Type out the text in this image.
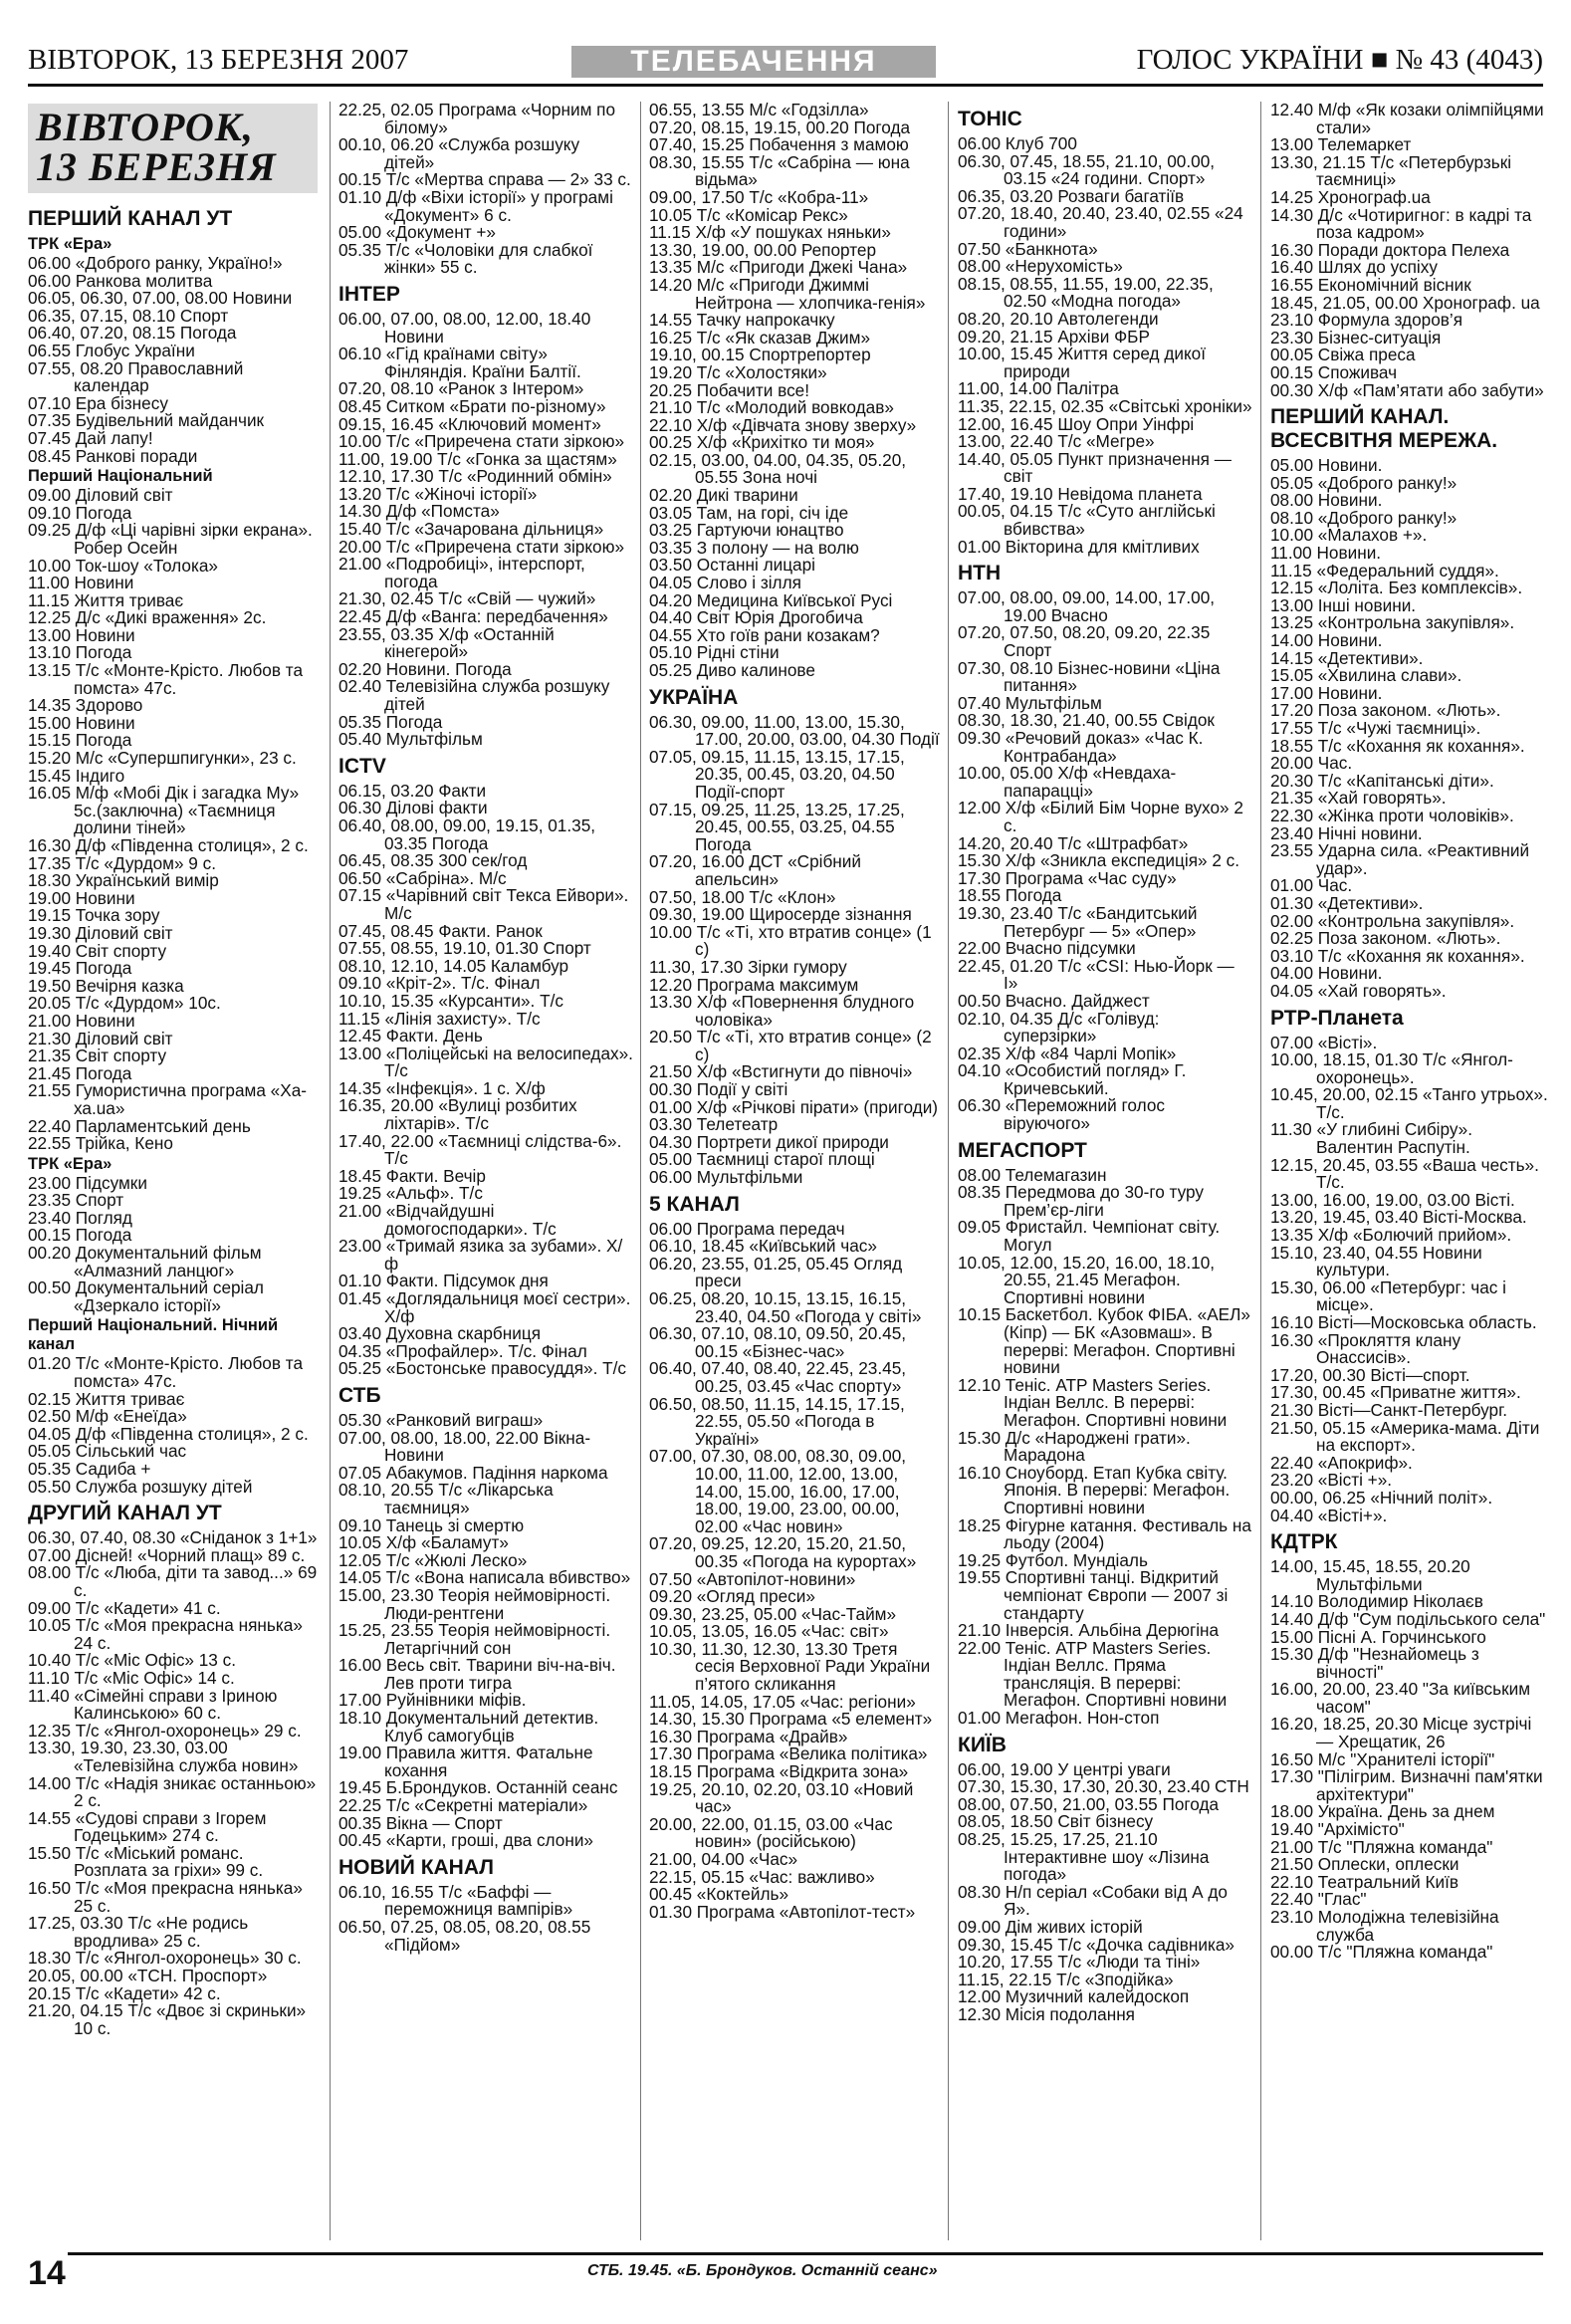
ВІВТОРОК, 13 БЕРЕЗНЯ 2007	ТЕЛЕБАЧЕННЯ	ГОЛОС УКРАЇНИ ■ № 43 (4043)
ВІВТОРОК,
13 БЕРЕЗНЯ
ПЕРШИЙ КАНАЛ УТ
ТРК «Ера»
06.00 «Доброго ранку, Україно!»
06.00 Ранкова молитва
06.05, 06.30, 07.00, 08.00 Новини
06.35, 07.15, 08.10 Спорт
06.40, 07.20, 08.15 Погода
06.55 Глобус України
07.55, 08.20 Православний календар
07.10 Ера бізнесу
07.35 Будівельний майданчик
07.45 Дай лапу!
08.45 Ранкові поради
Перший Національний
09.00 Діловий світ
09.10 Погода
09.25 Д/ф «Ці чарівні зірки екрана». Робер Осейн
10.00 Ток-шоу «Толока»
11.00 Новини
11.15 Життя триває
12.25 Д/с «Дикі враження» 2с.
13.00 Новини
13.10 Погода
13.15 Т/с «Монте-Крісто. Любов та помста» 47с.
14.35 Здорово
15.00 Новини
15.15 Погода
15.20 М/с «Супершпигунки», 23 с.
15.45 Індиго
16.05 М/ф «Мобі Дік і загадка Му» 5с.(заключна) «Таємниця долини тіней»
16.30 Д/ф «Південна столиця», 2 с.
17.35 Т/с «Дурдом» 9 с.
18.30 Український вимір
19.00 Новини
19.15 Точка зору
19.30 Діловий світ
19.40 Світ спорту
19.45 Погода
19.50 Вечірня казка
20.05 Т/с «Дурдом» 10с.
21.00 Новини
21.30 Діловий світ
21.35 Світ спорту
21.45 Погода
21.55 Гумористична програма «Ха-ха.ua»
22.40 Парламентський день
22.55 Трійка, Кено
ТРК «Ера»
23.00 Підсумки
23.35 Спорт
23.40 Погляд
00.15 Погода
00.20 Документальний фільм «Алмазний ланцюг»
00.50 Документальний серіал «Дзеркало історії»
Перший Національний. Нічний канал
01.20 Т/с «Монте-Крісто. Любов та помста» 47с.
02.15 Життя триває
02.50 М/ф «Енеїда»
04.05 Д/ф «Південна столиця», 2 с.
05.05 Сільський час
05.35 Садиба +
05.50 Служба розшуку дітей
ДРУГИЙ КАНАЛ УТ
06.30, 07.40, 08.30 «Сніданок з 1+1»
07.00 Дісней! «Чорний плащ» 89 с.
08.00 Т/с «Люба, діти та завод...» 69 с.
09.00 Т/с «Кадети» 41 с.
10.05 Т/с «Моя прекрасна нянька» 24 с.
10.40 Т/с «Міс Офіс» 13 с.
11.10 Т/с «Міс Офіс» 14 с.
11.40 «Сімейні справи з Іриною Калинською» 60 с.
12.35 Т/с «Янгол-охоронець» 29 с.
13.30, 19.30, 23.30, 03.00 «Телевізійна служба новин»
14.00 Т/с «Надія зникає останньою» 2 с.
14.55 «Судові справи з Ігорем Годецьким» 274 с.
15.50 Т/с «Міський романс. Розплата за гріхи» 99 с.
16.50 Т/с «Моя прекрасна нянька» 25 с.
17.25, 03.30 Т/с «Не родись вродлива» 25 с.
18.30 Т/с «Янгол-охоронець» 30 с.
20.05, 00.00 «ТСН. Проспорт»
20.15 Т/с «Кадети» 42 с.
21.20, 04.15 Т/с «Двоє зі скриньки» 10 с.
22.25, 02.05 Програма «Чорним по білому»
00.10, 06.20 «Служба розшуку дітей»
00.15 Т/с «Мертва справа — 2» 33 с.
01.10 Д/ф «Віхи історії» у програмі «Документ» 6 с.
05.00 «Документ +»
05.35 Т/с «Чоловіки для слабкої жінки» 55 с.
ІНТЕР
06.00, 07.00, 08.00, 12.00, 18.40 Новини
06.10 «Гід країнами світу» Фінляндія. Країни Балтії.
07.20, 08.10 «Ранок з Інтером»
08.45 Ситком «Брати по-різному»
09.15, 16.45 «Ключовий момент»
10.00 Т/с «Приречена стати зіркою»
11.00, 19.00 Т/с «Гонка за щастям»
12.10, 17.30 Т/с «Родинний обмін»
13.20 Т/с «Жіночі історії»
14.30 Д/ф «Помста»
15.40 Т/с «Зачарована дільниця»
20.00 Т/с «Приречена стати зіркою»
21.00 «Подробиці», інтерспорт, погода
21.30, 02.45 Т/с «Свій — чужий»
22.45 Д/ф «Ванга: передбачення»
23.55, 03.35 Х/ф «Останній кінегерой»
02.20 Новини. Погода
02.40 Телевізійна служба розшуку дітей
05.35 Погода
05.40 Мультфільм
ICTV
06.15, 03.20 Факти
06.30 Ділові факти
06.40, 08.00, 09.00, 19.15, 01.35, 03.35 Погода
06.45, 08.35 300 сек/год
06.50 «Сабріна». М/с
07.15 «Чарівний світ Текса Ейвори». М/с
07.45, 08.45 Факти. Ранок
07.55, 08.55, 19.10, 01.30 Спорт
08.10, 12.10, 14.05 Каламбур
09.10 «Кріт-2». Т/с. Фінал
10.10, 15.35 «Курсанти». Т/с
11.15 «Лінія захисту». Т/с
12.45 Факти. День
13.00 «Поліцейські на велосипедах». Т/с
14.35 «Інфекція». 1 с. Х/ф
16.35, 20.00 «Вулиці розбитих ліхтарів». Т/с
17.40, 22.00 «Таємниці слідства-6». Т/с
18.45 Факти. Вечір
19.25 «Альф». Т/с
21.00 «Відчайдушні домогосподарки». Т/с
23.00 «Тримай язика за зубами». Х/ф
01.10 Факти. Підсумок дня
01.45 «Доглядальниця моєї сестри». Х/ф
03.40 Духовна скарбниця
04.35 «Профайлер». Т/с. Фінал
05.25 «Бостонське правосуддя». Т/с
СТБ
05.30 «Ранковий виграш»
07.00, 08.00, 18.00, 22.00 Вікна-Новини
07.05 Абакумов. Падіння наркома
08.10, 20.55 Т/с «Лікарська таємниця»
09.10 Танець зі смертю
10.05 Х/ф «Баламут»
12.05 Т/с «Жюлі Леско»
14.05 Т/с «Вона написала вбивство»
15.00, 23.30 Теорія неймовірності. Люди-рентгени
15.25, 23.55 Теорія неймовірності. Летаргічний сон
16.00 Весь світ. Тварини віч-на-віч. Лев проти тигра
17.00 Руйнівники міфів.
18.10 Документальний детектив. Клуб самогубців
19.00 Правила життя. Фатальне кохання
19.45 Б.Брондуков. Останній сеанс
22.25 Т/с «Секретні матеріали»
00.35 Вікна — Спорт
00.45 «Карти, гроші, два слони»
НОВИЙ КАНАЛ
06.10, 16.55 Т/с «Баффі — переможниця вампірів»
06.50, 07.25, 08.05, 08.20, 08.55 «Підйом»
06.55, 13.55 М/с «Годзілла»
07.20, 08.15, 19.15, 00.20 Погода
07.40, 15.25 Побачення з мамою
08.30, 15.55 Т/с «Сабріна — юна відьма»
09.00, 17.50 Т/с «Кобра-11»
10.05 Т/с «Комісар Рекс»
11.15 Х/ф «У пошуках няньки»
13.30, 19.00, 00.00 Репортер
13.35 М/с «Пригоди Джекі Чана»
14.20 М/с «Пригоди Джиммі Нейтрона — хлопчика-генія»
14.55 Тачку напрокачку
16.25 Т/с «Як сказав Джим»
19.10, 00.15 Спортрепортер
19.20 Т/с «Холостяки»
20.25 Побачити все!
21.10 Т/с «Молодий вовкодав»
22.10 Х/ф «Дівчата знову зверху»
00.25 Х/ф «Крихітко ти моя»
02.15, 03.00, 04.00, 04.35, 05.20, 05.55 Зона ночі
02.20 Дикі тварини
03.05 Там, на горі, січ іде
03.25 Гартуючи юнацтво
03.35 З полону — на волю
03.50 Останні лицарі
04.05 Слово і зілля
04.20 Медицина Київської Русі
04.40 Світ Юрія Дрогобича
04.55 Хто гоїв рани козакам?
05.10 Рідні стіни
05.25 Диво калинове
УКРАЇНА
06.30, 09.00, 11.00, 13.00, 15.30, 17.00, 20.00, 03.00, 04.30 Події
07.05, 09.15, 11.15, 13.15, 17.15, 20.35, 00.45, 03.20, 04.50 Події-спорт
07.15, 09.25, 11.25, 13.25, 17.25, 20.45, 00.55, 03.25, 04.55 Погода
07.20, 16.00 ДСТ «Срібний апельсин»
07.50, 18.00 Т/с «Клон»
09.30, 19.00 Щиросерде зізнання
10.00 Т/с «Ті, хто втратив сонце» (1 с)
11.30, 17.30 Зірки гумору
12.20 Програма максимум
13.30 Х/ф «Повернення блудного чоловіка»
20.50 Т/с «Ті, хто втратив сонце» (2 с)
21.50 Х/ф «Встигнути до півночі»
00.30 Події у світі
01.00 Х/ф «Річкові пірати» (пригоди)
03.30 Телетеатр
04.30 Портрети дикої природи
05.00 Таємниці старої площі
06.00 Мультфільми
5 КАНАЛ
06.00 Програма передач
06.10, 18.45 «Київський час»
06.20, 23.55, 01.25, 05.45 Огляд преси
06.25, 08.20, 10.15, 13.15, 16.15, 23.40, 04.50 «Погода у світі»
06.30, 07.10, 08.10, 09.50, 20.45, 00.15 «Бізнес-час»
06.40, 07.40, 08.40, 22.45, 23.45, 00.25, 03.45 «Час спорту»
06.50, 08.50, 11.15, 14.15, 17.15, 22.55, 05.50 «Погода в Україні»
07.00, 07.30, 08.00, 08.30, 09.00, 10.00, 11.00, 12.00, 13.00, 14.00, 15.00, 16.00, 17.00, 18.00, 19.00, 23.00, 00.00, 02.00 «Час новин»
07.20, 09.25, 12.20, 15.20, 21.50, 00.35 «Погода на курортах»
07.50 «Автопілот-новини»
09.20 «Огляд преси»
09.30, 23.25, 05.00 «Час-Тайм»
10.05, 13.05, 16.05 «Час: світ»
10.30, 11.30, 12.30, 13.30 Третя сесія Верховної Ради України п’ятого скликання
11.05, 14.05, 17.05 «Час: регіони»
14.30, 15.30 Програма «5 елемент»
16.30 Програма «Драйв»
17.30 Програма «Велика політика»
18.15 Програма «Відкрита зона»
19.25, 20.10, 02.20, 03.10 «Новий час»
20.00, 22.00, 01.15, 03.00 «Час новин» (російською)
21.00, 04.00 «Час»
22.15, 05.15 «Час: важливо»
00.45 «Коктейль»
01.30 Програма «Автопілот-тест»
ТОНІС
06.00 Клуб 700
06.30, 07.45, 18.55, 21.10, 00.00, 03.15 «24 години. Спорт»
06.35, 03.20 Розваги багатіїв
07.20, 18.40, 20.40, 23.40, 02.55 «24 години»
07.50 «Банкнота»
08.00 «Нерухомість»
08.15, 08.55, 11.55, 19.00, 22.35, 02.50 «Модна погода»
08.20, 20.10 Автолегенди
09.20, 21.15 Архіви ФБР
10.00, 15.45 Життя серед дикої природи
11.00, 14.00 Палітра
11.35, 22.15, 02.35 «Світські хроніки»
12.00, 16.45 Шоу Опри Уінфрі
13.00, 22.40 Т/с «Мегре»
14.40, 05.05 Пункт призначення — світ
17.40, 19.10 Невідома планета
00.05, 04.15 Т/с «Суто англійські вбивства»
01.00 Вікторина для кмітливих
НТН
07.00, 08.00, 09.00, 14.00, 17.00, 19.00 Вчасно
07.20, 07.50, 08.20, 09.20, 22.35 Спорт
07.30, 08.10 Бізнес-новини «Ціна питання»
07.40 Мультфільм
08.30, 18.30, 21.40, 00.55 Свідок
09.30 «Речовий доказ» «Час К. Контрабанда»
10.00, 05.00 Х/ф «Невдаха-папарацці»
12.00 Х/ф «Білий Бім Чорне вухо» 2 с.
14.20, 20.40 Т/с «Штрафбат»
15.30 Х/ф «Зникла експедиція» 2 с.
17.30 Програма «Час суду»
18.55 Погода
19.30, 23.40 Т/с «Бандитський Петербург — 5» «Опер»
22.00 Вчасно підсумки
22.45, 01.20 Т/с «CSI: Нью-Йорк — I»
00.50 Вчасно. Дайджест
02.10, 04.35 Д/с «Голівуд: суперзірки»
02.35 Х/ф «84 Чарлі Мопік»
04.10 «Особистий погляд» Г. Кричевський.
06.30 «Переможний голос віруючого»
МЕГАСПОРТ
08.00 Телемагазин
08.35 Передмова до 30-го туру Прем’єр-ліги
09.05 Фристайл. Чемпіонат світу. Могул
10.05, 12.00, 15.20, 16.00, 18.10, 20.55, 21.45 Мегафон. Спортивні новини
10.15 Баскетбол. Кубок ФІБА. «АЕЛ» (Кіпр) — БК «Азовмаш». В перерві: Мегафон. Спортивні новини
12.10 Теніс. ATP Masters Series. Індіан Веллс. В перерві: Мегафон. Спортивні новини
15.30 Д/с «Народжені грати». Марадона
16.10 Сноуборд. Етап Кубка світу. Японія. В перерві: Мегафон. Спортивні новини
18.25 Фігурне катання. Фестиваль на льоду (2004)
19.25 Футбол. Мундіаль
19.55 Спортивні танці. Відкритий чемпіонат Європи — 2007 зі стандарту
21.10 Інверсія. Альбіна Дерюгіна
22.00 Теніс. ATP Masters Series. Індіан Веллс. Пряма трансляція. В перерві: Мегафон. Спортивні новини
01.00 Мегафон. Нон-стоп
КИЇВ
06.00, 19.00 У центрі уваги
07.30, 15.30, 17.30, 20.30, 23.40 СТН
08.00, 07.50, 21.00, 03.55 Погода
08.05, 18.50 Світ бізнесу
08.25, 15.25, 17.25, 21.10 Інтерактивне шоу «Лізина погода»
08.30 Н/п серіал «Собаки від А до Я».
09.00 Дім живих історій
09.30, 15.45 Т/с «Дочка садівника»
10.20, 17.55 Т/с «Люди та тіні»
11.15, 22.15 Т/с «Зподійка»
12.00 Музичний калейдоскоп
12.30 Місія подолання
12.40 М/ф «Як козаки олімпійцями стали»
13.00 Телемаркет
13.30, 21.15 Т/с «Петербурзькі таємниці»
14.25 Хронограф.ua
14.30 Д/с «Чотиригног: в кадрі та поза кадром»
16.30 Поради доктора Пелеха
16.40 Шлях до успіху
16.55 Економічний вісник
18.45, 21.05, 00.00 Хронограф. ua
23.10 Формула здоров’я
23.30 Бізнес-ситуація
00.05 Свіжа преса
00.15 Споживач
00.30 Х/ф «Пам’ятати або забути»
ПЕРШИЙ КАНАЛ. ВСЕСВІТНЯ МЕРЕЖА.
05.00 Новини.
05.05 «Доброго ранку!»
08.00 Новини.
08.10 «Доброго ранку!»
10.00 «Малахов +».
11.00 Новини.
11.15 «Федеральний суддя».
12.15 «Лоліта. Без комплексів».
13.00 Інші новини.
13.25 «Контрольна закупівля».
14.00 Новини.
14.15 «Детективи».
15.05 «Хвилина слави».
17.00 Новини.
17.20 Поза законом. «Лють».
17.55 Т/с «Чужі таємниці».
18.55 Т/с «Кохання як кохання».
20.00 Час.
20.30 Т/с «Капітанські діти».
21.35 «Хай говорять».
22.30 «Жінка проти чоловіків».
23.40 Нічні новини.
23.55 Ударна сила. «Реактивний удар».
01.00 Час.
01.30 «Детективи».
02.00 «Контрольна закупівля».
02.25 Поза законом. «Лють».
03.10 Т/с «Кохання як кохання».
04.00 Новини.
04.05 «Хай говорять».
РТР-Планета
07.00 «Вісті».
10.00, 18.15, 01.30 Т/с «Янгол-охоронець».
10.45, 20.00, 02.15 «Танго утрьох». Т/с.
11.30 «У глибині Сибіру». Валентин Распутін.
12.15, 20.45, 03.55 «Ваша честь». Т/с.
13.00, 16.00, 19.00, 03.00 Вісті.
13.20, 19.45, 03.40 Вісті-Москва.
13.35 Х/ф «Болючий прийом».
15.10, 23.40, 04.55 Новини культури.
15.30, 06.00 «Петербург: час і місце».
16.10 Вісті—Московська область.
16.30 «Прокляття клану Онассисів».
17.20, 00.30 Вісті—спорт.
17.30, 00.45 «Приватне життя».
21.30 Вісті—Санкт-Петербург.
21.50, 05.15 «Америка-мама. Діти на експорт».
22.40 «Апокриф».
23.20 «Вісті +».
00.00, 06.25 «Нічний політ».
04.40 «Вісті+».
КДТРК
14.00, 15.45, 18.55, 20.20 Мультфільми
14.10 Володимир Ніколаєв
14.40 Д/ф "Сум подільського села"
15.00 Пісні А. Горчинського
15.30 Д/ф "Незнайомець з вічності"
16.00, 20.00, 23.40 "За київським часом"
16.20, 18.25, 20.30 Місце зустрічі — Хрещатик, 26
16.50 М/с "Хранителі історії"
17.30 "Пілігрим. Визначні пам'ятки архітектури"
18.00 Україна. День за днем
19.40 "Архімісто"
21.00 Т/с "Пляжна команда"
21.50 Оплески, оплески
22.10 Театральний Київ
22.40 "Глас"
23.10 Молодіжна телевізійна служба
00.00 Т/с "Пляжна команда"
14	СТБ. 19.45. «Б. Брондуков. Останній сеанс»
